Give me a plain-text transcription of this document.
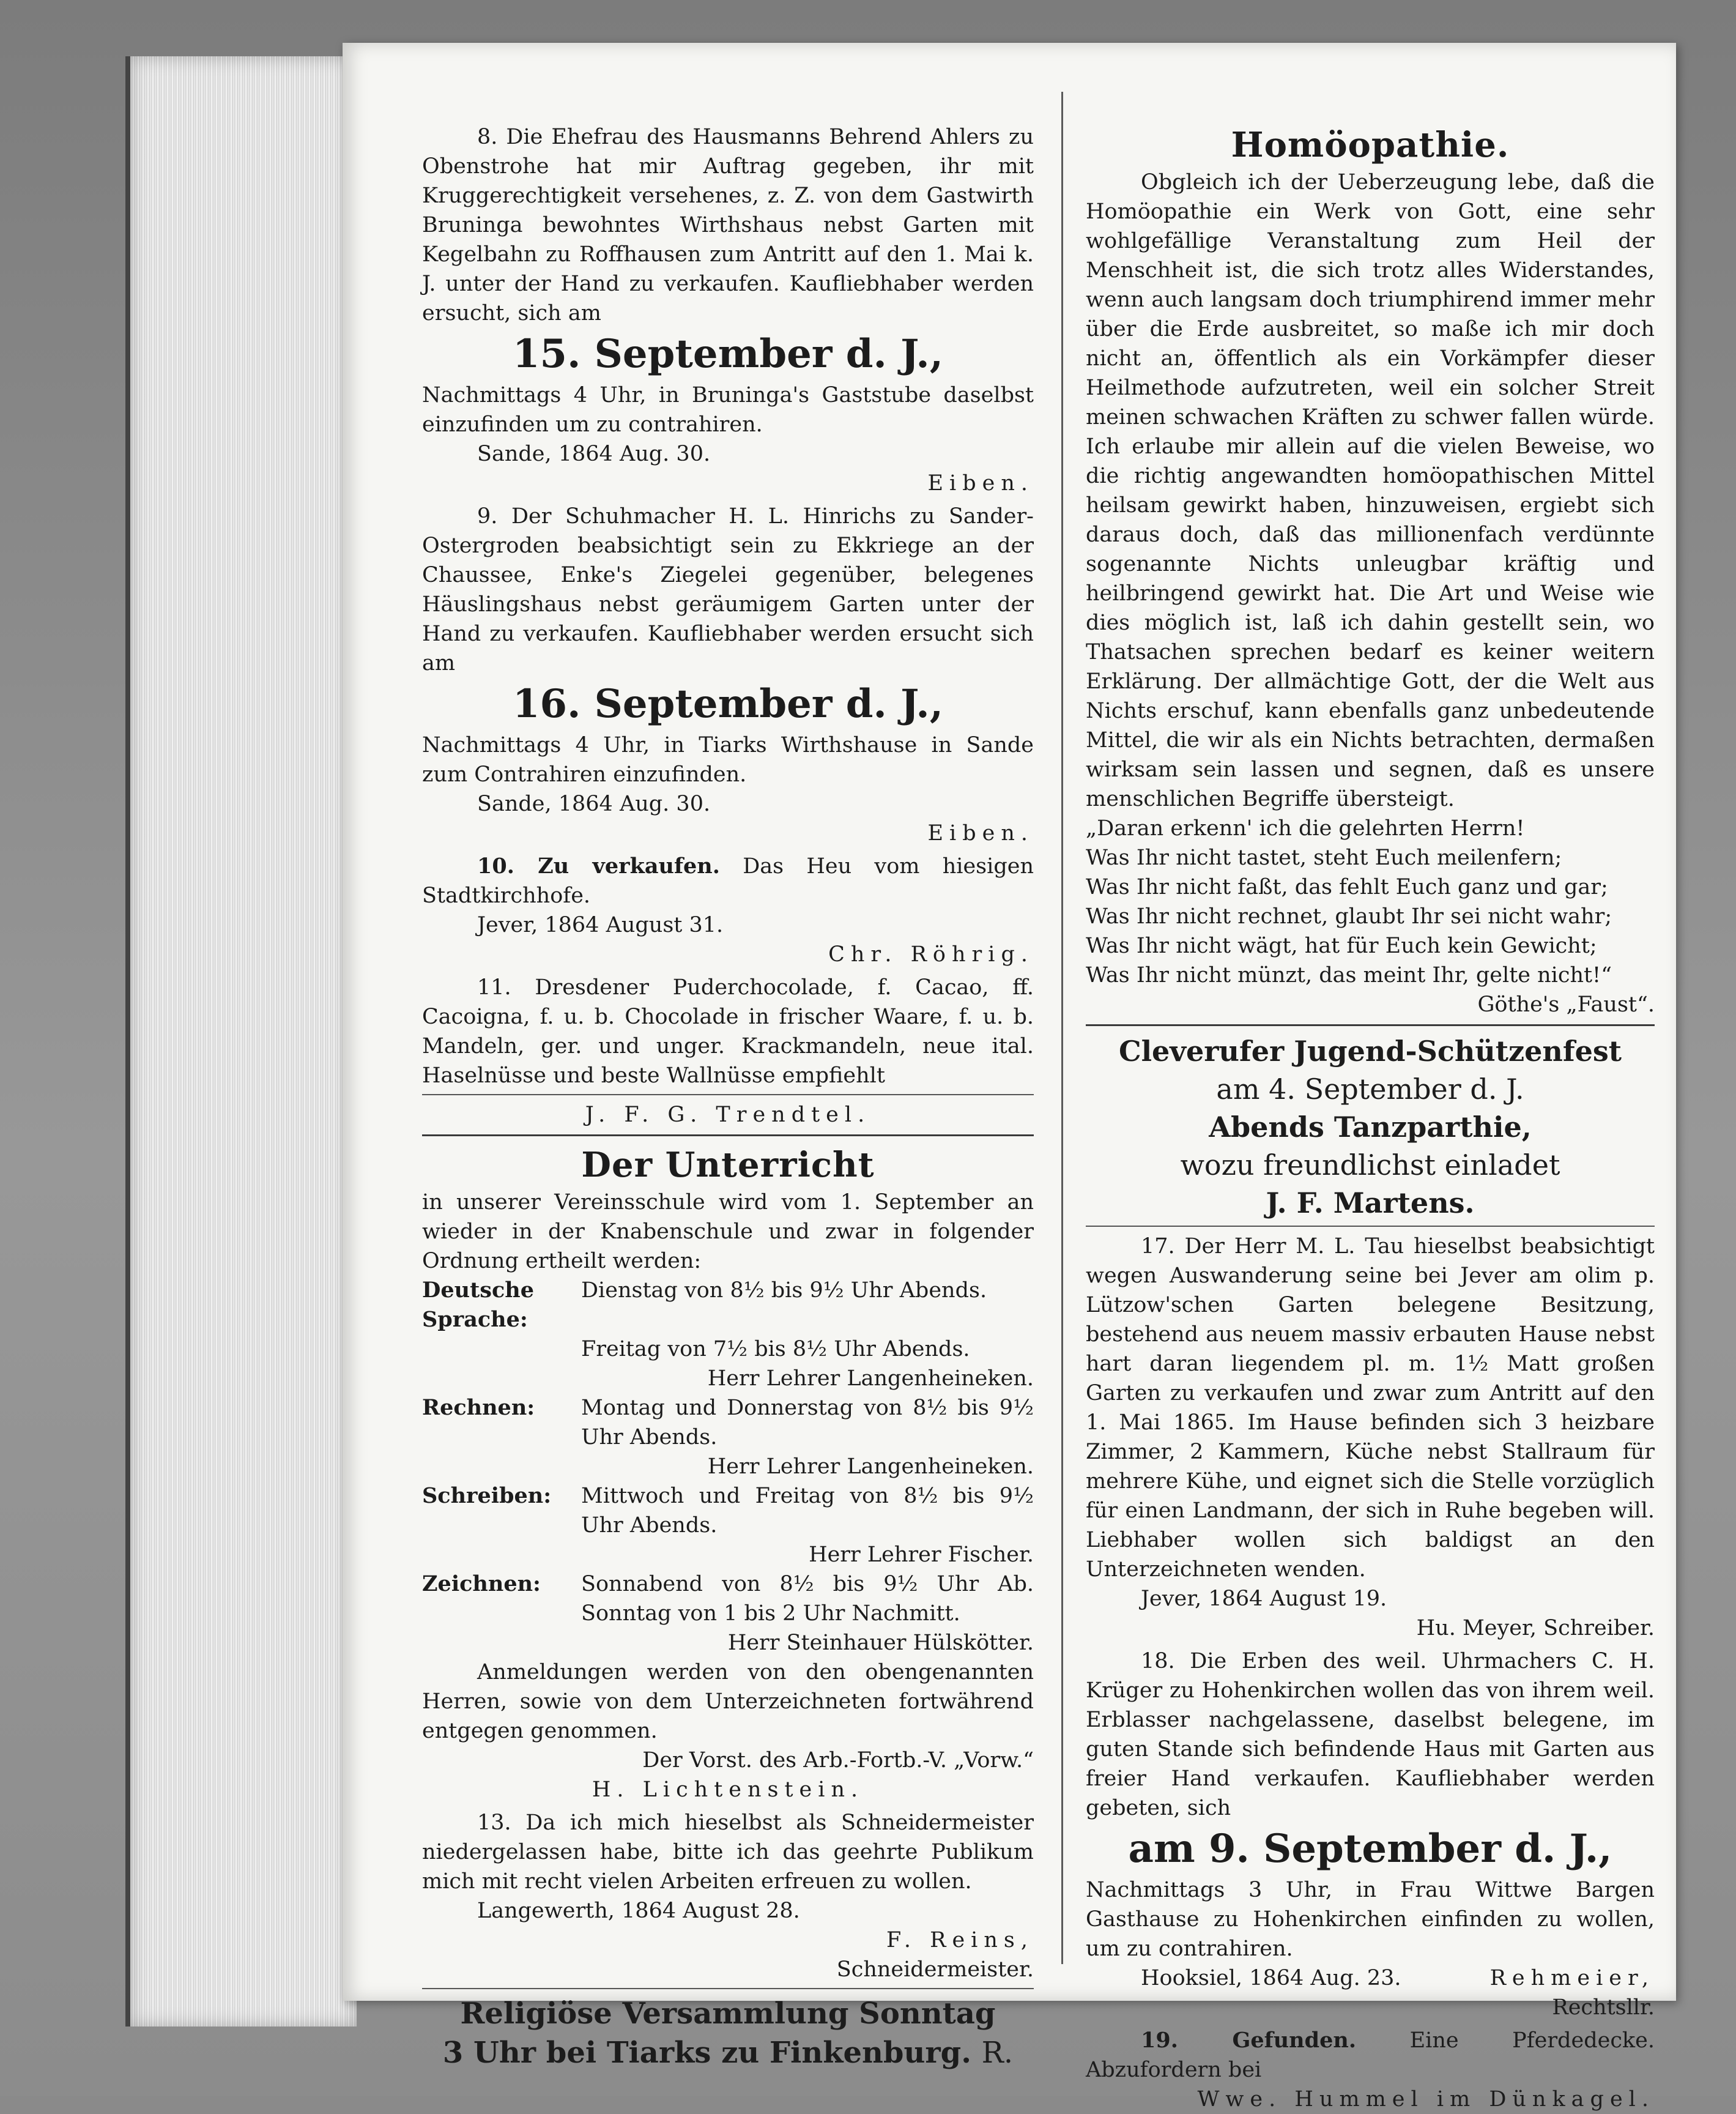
8. Die Ehefrau des Hausmanns Behrend Ahlers zu Obenstrohe hat mir Auftrag gegeben, ihr mit Kruggerechtigkeit versehenes, z. Z. von dem Gastwirth Bruninga bewohntes Wirthshaus nebst Garten mit Kegelbahn zu Roffhausen zum Antritt auf den 1. Mai k. J. unter der Hand zu verkaufen. Kaufliebhaber werden ersucht, sich am

15. September d. J.,

Nachmittags 4 Uhr, in Bruninga's Gaststube daselbst einzufinden um zu contrahiren.

Sande, 1864 Aug. 30.

Eiben.

9. Der Schuhmacher H. L. Hinrichs zu Sander-Ostergroden beabsichtigt sein zu Ekkriege an der Chaussee, Enke's Ziegelei gegenüber, belegenes Häuslingshaus nebst geräumigem Garten unter der Hand zu verkaufen. Kaufliebhaber werden ersucht sich am

16. September d. J.,

Nachmittags 4 Uhr, in Tiarks Wirthshause in Sande zum Contrahiren einzufinden.

Sande, 1864 Aug. 30.

Eiben.

10. Zu verkaufen. Das Heu vom hiesigen Stadtkirchhofe.

Jever, 1864 August 31.

Chr. Röhrig.

11. Dresdener Puderchocolade, f. Cacao, ff. Cacoigna, f. u. b. Chocolade in frischer Waare, f. u. b. Mandeln, ger. und unger. Krackmandeln, neue ital. Haselnüsse und beste Wallnüsse empfiehlt

J. F. G. Trendtel.

Der Unterricht

in unserer Vereinsschule wird vom 1. September an wieder in der Knabenschule und zwar in folgender Ordnung ertheilt werden:

Deutsche Sprache:
Dienstag von 8½ bis 9½ Uhr Abends.
Freitag von 7½ bis 8½ Uhr Abends.
Herr Lehrer Langenheineken.
Rechnen:	Montag und Donnerstag von 8½ bis 9½ Uhr Abends.
Herr Lehrer Langenheineken.
Schreiben:	Mittwoch und Freitag von 8½ bis 9½ Uhr Abends.
Herr Lehrer Fischer.
Zeichnen:	Sonnabend von 8½ bis 9½ Uhr Ab. Sonntag von 1 bis 2 Uhr Nachmitt.
Herr Steinhauer Hülskötter.

Anmeldungen werden von den obengenannten Herren, sowie von dem Unterzeichneten fortwährend entgegen genommen.

Der Vorst. des Arb.-Fortb.-V. „Vorw.“

H. Lichtenstein.

13. Da ich mich hieselbst als Schneidermeister niedergelassen habe, bitte ich das geehrte Publikum mich mit recht vielen Arbeiten erfreuen zu wollen.

Langewerth, 1864 August 28.

F. Reins,

Schneidermeister.

Religiöse Versammlung Sonntag
3 Uhr bei Tiarks zu Finkenburg. R.
Homöopathie.

Obgleich ich der Ueberzeugung lebe, daß die Homöopathie ein Werk von Gott, eine sehr wohlgefällige Veranstaltung zum Heil der Menschheit ist, die sich trotz alles Widerstandes, wenn auch langsam doch triumphirend immer mehr über die Erde ausbreitet, so maße ich mir doch nicht an, öffentlich als ein Vorkämpfer dieser Heilmethode aufzutreten, weil ein solcher Streit meinen schwachen Kräften zu schwer fallen würde. Ich erlaube mir allein auf die vielen Beweise, wo die richtig angewandten homöopathischen Mittel heilsam gewirkt haben, hinzuweisen, ergiebt sich daraus doch, daß das millionenfach verdünnte sogenannte Nichts unleugbar kräftig und heilbringend gewirkt hat. Die Art und Weise wie dies möglich ist, laß ich dahin gestellt sein, wo Thatsachen sprechen bedarf es keiner weitern Erklärung. Der allmächtige Gott, der die Welt aus Nichts erschuf, kann ebenfalls ganz unbedeutende Mittel, die wir als ein Nichts betrachten, dermaßen wirksam sein lassen und segnen, daß es unsere menschlichen Begriffe übersteigt.

„Daran erkenn' ich die gelehrten Herrn!

Was Ihr nicht tastet, steht Euch meilenfern;

Was Ihr nicht faßt, das fehlt Euch ganz und gar;

Was Ihr nicht rechnet, glaubt Ihr sei nicht wahr;

Was Ihr nicht wägt, hat für Euch kein Gewicht;

Was Ihr nicht münzt, das meint Ihr, gelte nicht!“

Göthe's „Faust“.

Cleverufer Jugend-Schützenfest
am 4. September d. J.
Abends Tanzparthie,
wozu freundlichst einladet
J. F. Martens.

17. Der Herr M. L. Tau hieselbst beabsichtigt wegen Auswanderung seine bei Jever am olim p. Lützow'schen Garten belegene Besitzung, bestehend aus neuem massiv erbauten Hause nebst hart daran liegendem pl. m. 1½ Matt großen Garten zu verkaufen und zwar zum Antritt auf den 1. Mai 1865. Im Hause befinden sich 3 heizbare Zimmer, 2 Kammern, Küche nebst Stallraum für mehrere Kühe, und eignet sich die Stelle vorzüglich für einen Landmann, der sich in Ruhe begeben will. Liebhaber wollen sich baldigst an den Unterzeichneten wenden.

Jever, 1864 August 19.

Hu. Meyer, Schreiber.

18. Die Erben des weil. Uhrmachers C. H. Krüger zu Hohenkirchen wollen das von ihrem weil. Erblasser nachgelassene, daselbst belegene, im guten Stande sich befindende Haus mit Garten aus freier Hand verkaufen. Kaufliebhaber werden gebeten, sich

am 9. September d. J.,

Nachmittags 3 Uhr, in Frau Wittwe Bargen Gasthause zu Hohenkirchen einfinden zu wollen, um zu contrahiren.

Hooksiel, 1864 Aug. 23.	Rehmeier,

Rechtsllr.

19. Gefunden.	Eine Pferdedecke. Abzufordern bei

Wwe. Hummel im Dünkagel.
